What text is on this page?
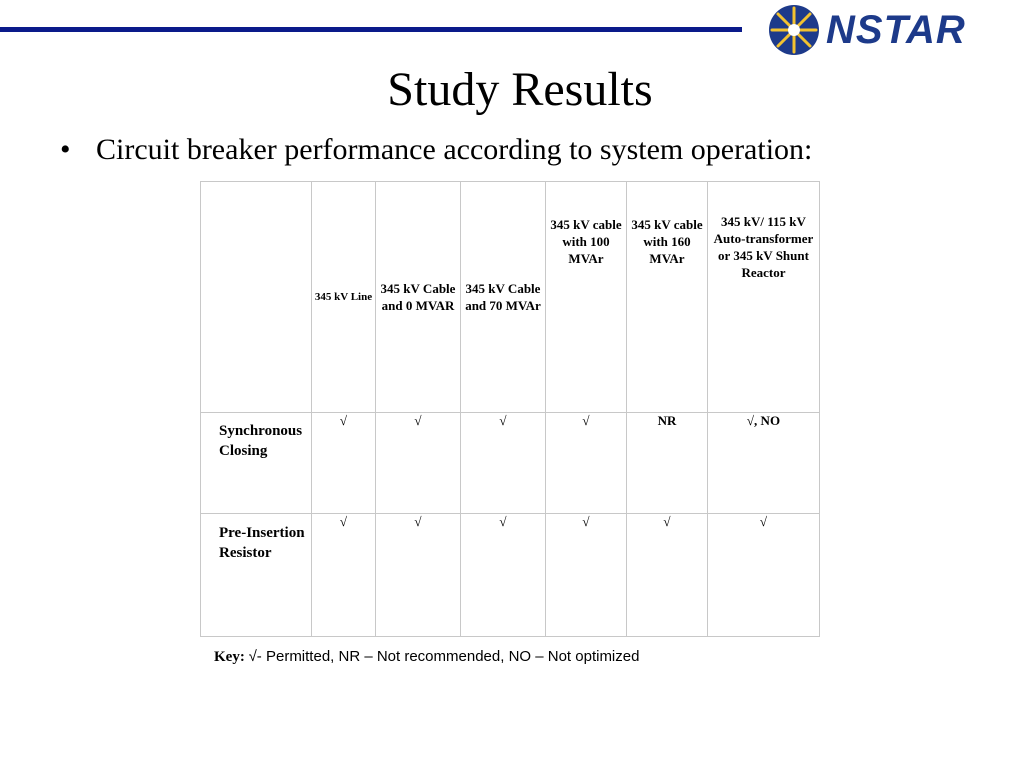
NSTAR
Study Results
• Circuit breaker performance according to system operation:
	345 kV Line	345 kV Cable and 0 MVAR	345 kV Cable and 70 MVAr	345 kV cable with 100 MVAr	345 kV cable with 160 MVAr	345 kV/ 115 kV Auto-transformer or 345 kV Shunt Reactor
Synchronous Closing	√	√	√	√	NR	√, NO
Pre-Insertion Resistor	√	√	√	√	√	√
Key: √- Permitted, NR – Not recommended, NO – Not optimized
